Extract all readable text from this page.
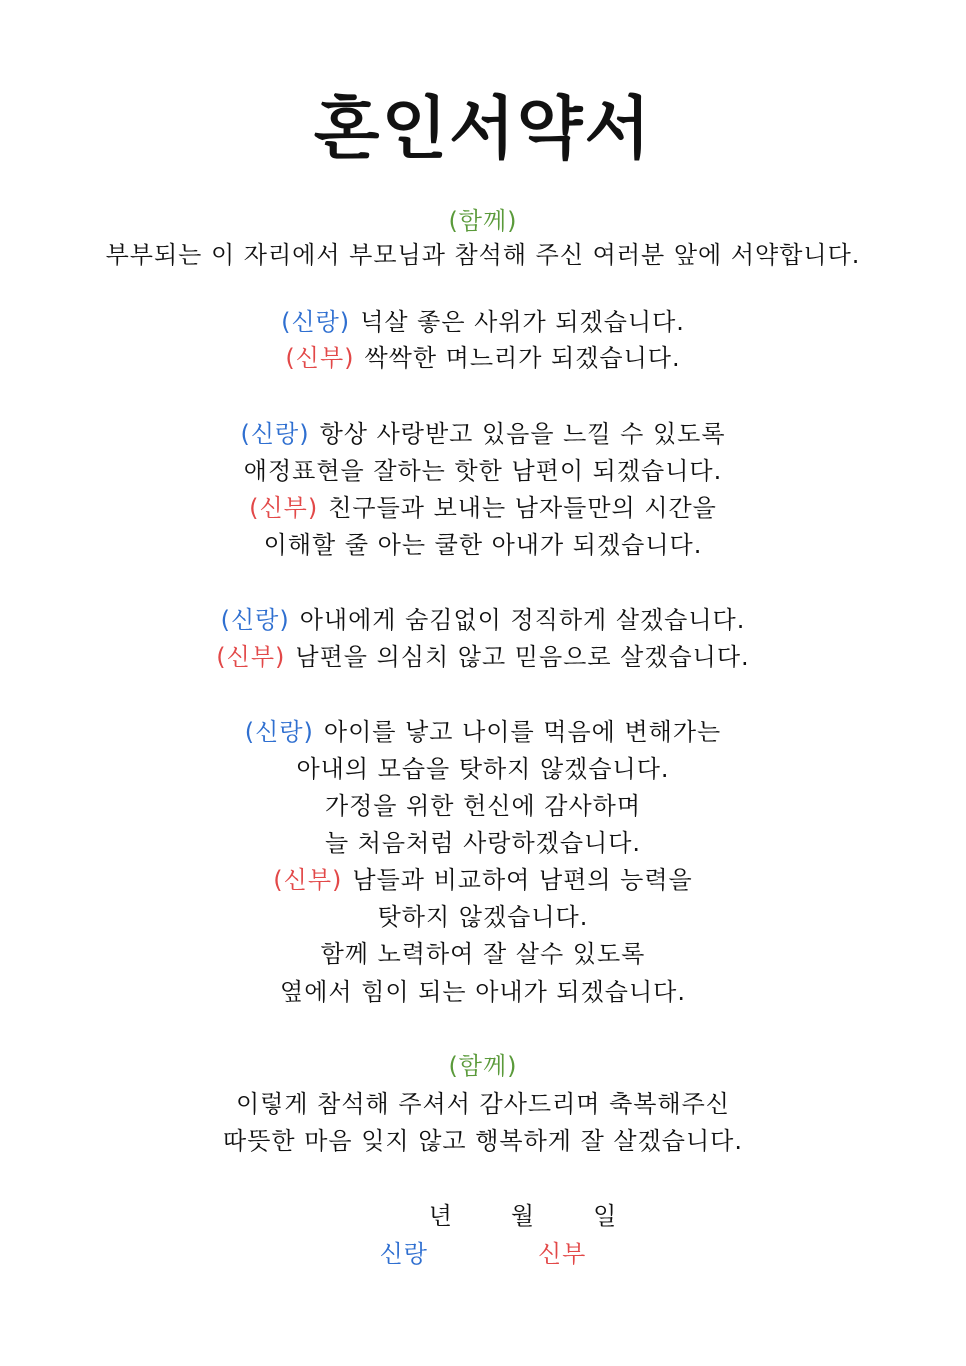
혼인서약서
(함께)
부부되는 이 자리에서 부모님과 참석해 주신 여러분 앞에 서약합니다.
(신랑) 넉살 좋은 사위가 되겠습니다.
(신부) 싹싹한 며느리가 되겠습니다.
(신랑) 항상 사랑받고 있음을 느낄 수 있도록
애정표현을 잘하는 핫한 남편이 되겠습니다.
(신부) 친구들과 보내는 남자들만의 시간을
이해할 줄 아는 쿨한 아내가 되겠습니다.
(신랑) 아내에게 숨김없이 정직하게 살겠습니다.
(신부) 남편을 의심치 않고 믿음으로 살겠습니다.
(신랑) 아이를 낳고 나이를 먹음에 변해가는
아내의 모습을 탓하지 않겠습니다.
가정을 위한 헌신에 감사하며
늘 처음처럼 사랑하겠습니다.
(신부) 남들과 비교하여 남편의 능력을
탓하지 않겠습니다.
함께 노력하여 잘 살수 있도록
옆에서 힘이 되는 아내가 되겠습니다.
(함께)
이렇게 참석해 주셔서 감사드리며 축복해주신
따뜻한 마음 잊지 않고 행복하게 잘 살겠습니다.
년 월 일
신랑	신부
